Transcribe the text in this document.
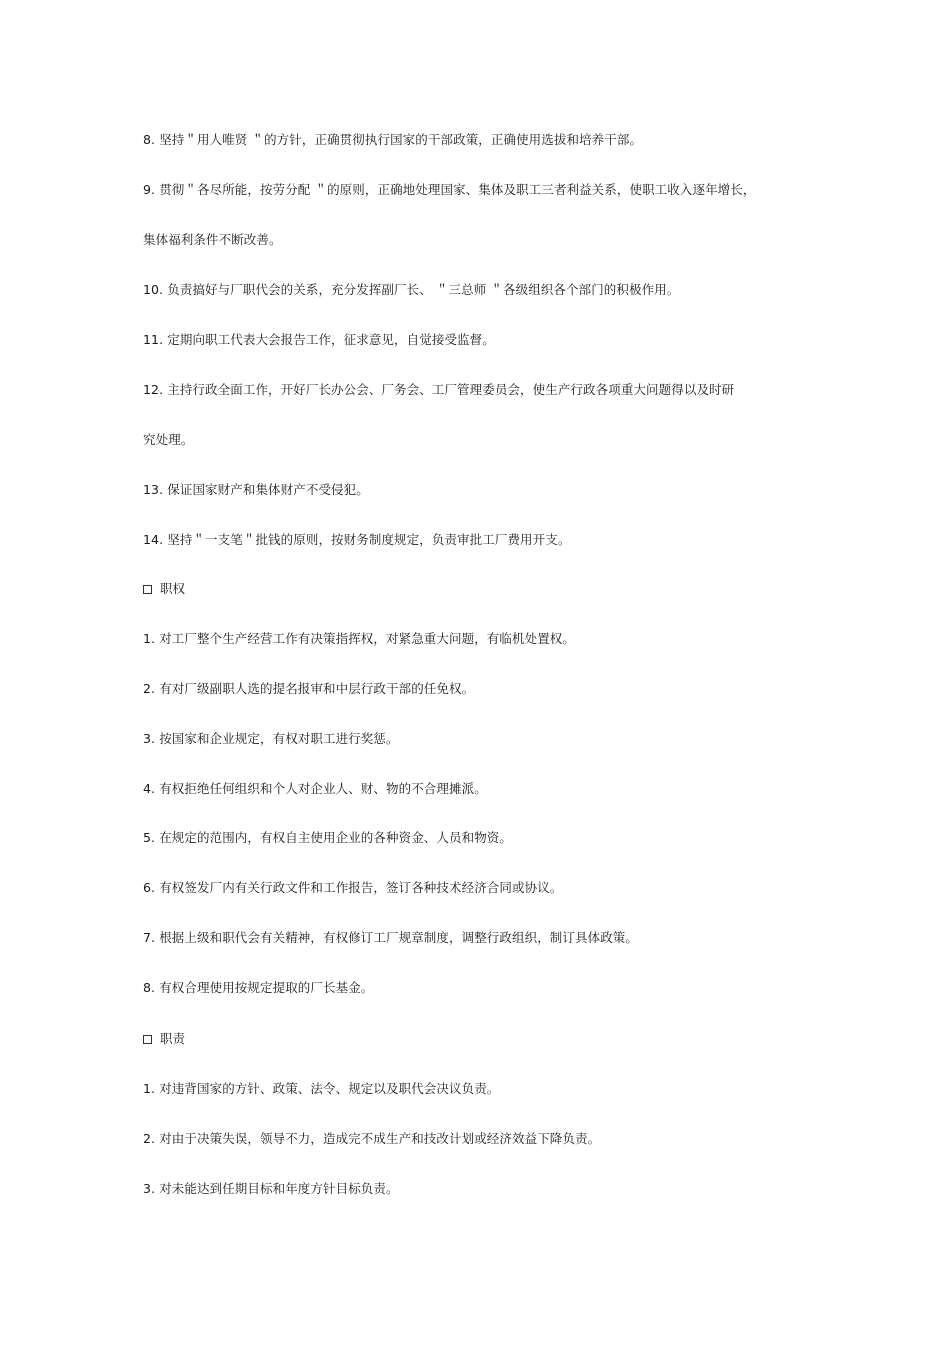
8. 坚持＂用人唯贤 ＂的方针，正确贯彻执行国家的干部政策，正确使用选拔和培养干部。
9. 贯彻＂各尽所能，按劳分配 ＂的原则，正确地处理国家、集体及职工三者利益关系，使职工收入逐年增长，
集体福利条件不断改善。
10. 负责搞好与厂职代会的关系，充分发挥副厂长、 ＂三总师 ＂各级组织各个部门的积极作用。
11. 定期向职工代表大会报告工作，征求意见，自觉接受监督。
12. 主持行政全面工作，开好厂长办公会、厂务会、工厂管理委员会，使生产行政各项重大问题得以及时研
究处理。
13. 保证国家财产和集体财产不受侵犯。
14. 坚持＂一支笔＂批钱的原则，按财务制度规定，负责审批工厂费用开支。
职权
1. 对工厂整个生产经营工作有决策指挥权，对紧急重大问题，有临机处置权。
2. 有对厂级副职人选的提名报审和中层行政干部的任免权。
3. 按国家和企业规定，有权对职工进行奖惩。
4. 有权拒绝任何组织和个人对企业人、财、物的不合理摊派。
5. 在规定的范围内，有权自主使用企业的各种资金、人员和物资。
6. 有权签发厂内有关行政文件和工作报告，签订各种技术经济合同或协议。
7. 根据上级和职代会有关精神，有权修订工厂规章制度，调整行政组织，制订具体政策。
8. 有权合理使用按规定提取的厂长基金。
职责
1. 对违背国家的方针、政策、法令、规定以及职代会决议负责。
2. 对由于决策失误，领导不力，造成完不成生产和技改计划或经济效益下降负责。
3. 对未能达到任期目标和年度方针目标负责。
